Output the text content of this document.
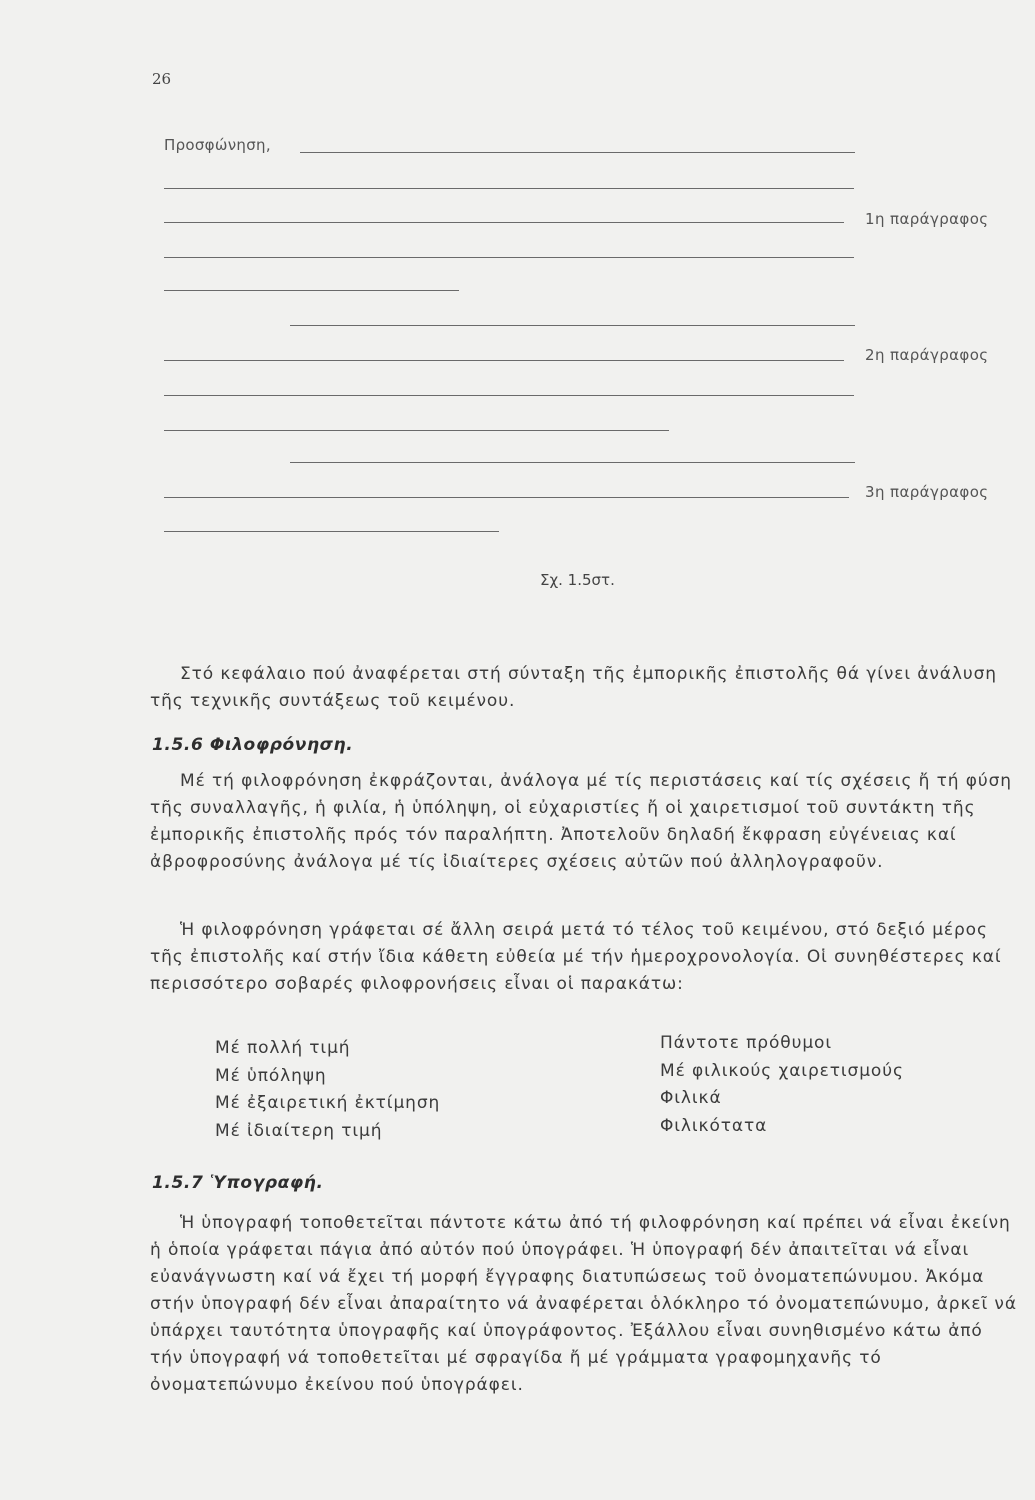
26
Προσφώνηση,
1η παράγραφος
2η παράγραφος
3η παράγραφος
Σχ. 1.5στ.

Στό κεφάλαιο πού ἀναφέρεται στή σύνταξη τῆς ἐμπορικῆς ἐπιστολῆς θά γίνει ἀνάλυση τῆς τεχνικῆς συντάξεως τοῦ κειμένου.

1.5.6 Φιλοφρόνηση.

Μέ τή φιλοφρόνηση ἐκφράζονται, ἀνάλογα μέ τίς περιστάσεις καί τίς σχέσεις ἤ τή φύση τῆς συναλλαγῆς, ἡ φιλία, ἡ ὑπόληψη, οἱ εὐχαριστίες ἤ οἱ χαιρετισμοί τοῦ συντάκτη τῆς ἐμπορικῆς ἐπιστολῆς πρός τόν παραλήπτη. Ἀποτελοῦν δηλαδή ἔκφραση εὐγένειας καί ἀβροφροσύνης ἀνάλογα μέ τίς ἰδιαίτερες σχέσεις αὐτῶν πού ἀλληλογραφοῦν.

Ἡ φιλοφρόνηση γράφεται σέ ἄλλη σειρά μετά τό τέλος τοῦ κειμένου, στό δεξιό μέρος τῆς ἐπιστολῆς καί στήν ἴδια κάθετη εὐθεία μέ τήν ἡμεροχρονολογία. Οἱ συνηθέστερες καί περισσότερο σοβαρές φιλοφρονήσεις εἶναι οἱ παρακάτω:

Μέ πολλή τιμή
Μέ ὑπόληψη
Μέ ἐξαιρετική ἐκτίμηση
Μέ ἰδιαίτερη τιμή
Πάντοτε πρόθυμοι
Μέ φιλικούς χαιρετισμούς
Φιλικά
Φιλικότατα
1.5.7 Ὑπογραφή.

Ἡ ὑπογραφή τοποθετεῖται πάντοτε κάτω ἀπό τή φιλοφρόνηση καί πρέπει νά εἶναι ἐκείνη ἡ ὁποία γράφεται πάγια ἀπό αὐτόν πού ὑπογράφει. Ἡ ὑπογραφή δέν ἀπαιτεῖται νά εἶναι εὐανάγνωστη καί νά ἔχει τή μορφή ἔγγραφης διατυπώσεως τοῦ ὀνοματεπώνυμου. Ἀκόμα στήν ὑπογραφή δέν εἶναι ἀπαραίτητο νά ἀναφέρεται ὁλόκληρο τό ὀνοματεπώνυμο, ἀρκεῖ νά ὑπάρχει ταυτότητα ὑπογραφῆς καί ὑπογράφοντος. Ἐξάλλου εἶναι συνηθισμένο κάτω ἀπό τήν ὑπογραφή νά τοποθετεῖται μέ σφραγίδα ἤ μέ γράμματα γραφομηχανῆς τό ὀνοματεπώνυμο ἐκείνου πού ὑπογράφει.
